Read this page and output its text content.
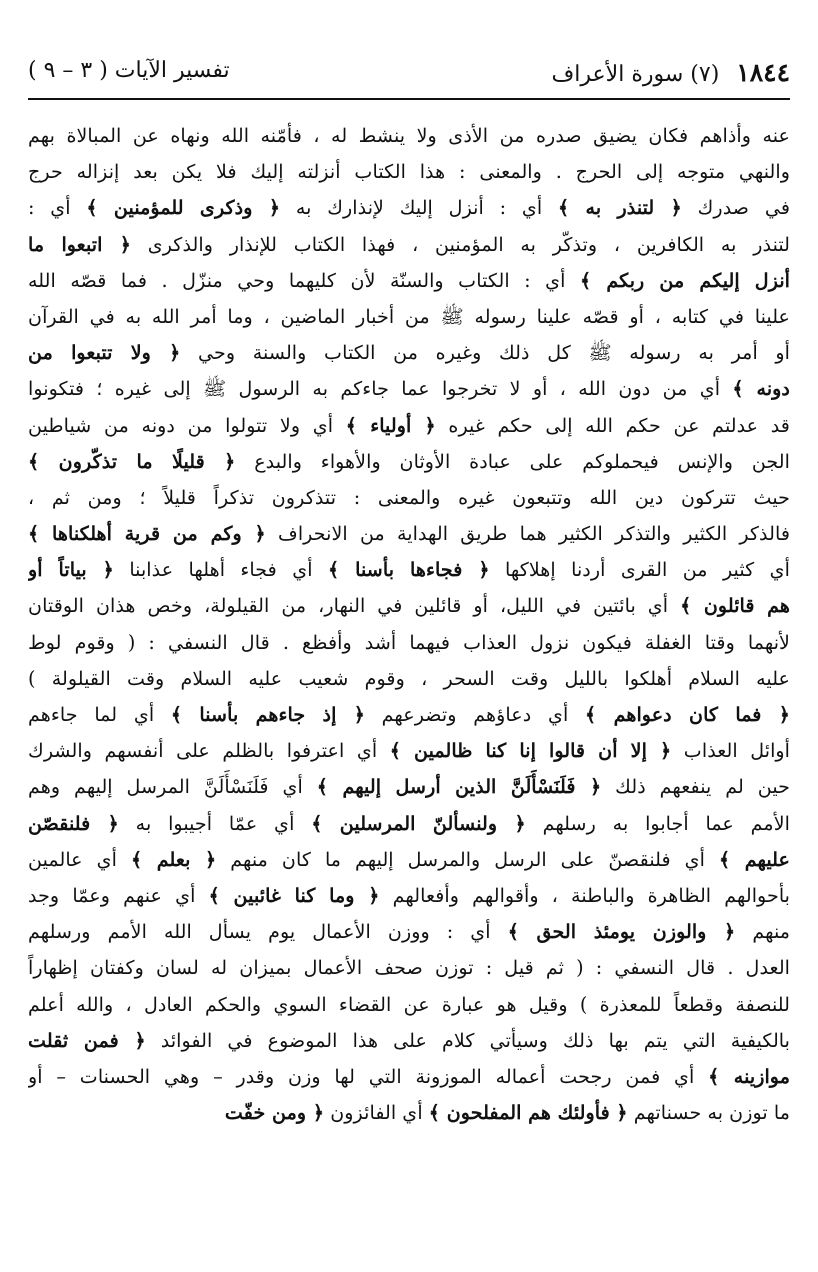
١٨٤٤ (٧) سورة الأعراف
تفسير الآيات ( ٣ – ٩ )
عنه وأذاهم فكان يضيق صدره من الأذى ولا ينشط له ، فأمّنه الله ونهاه عن المبالاة بهم
والنهي متوجه إلى الحرج . والمعنى : هذا الكتاب أنزلته إليك فلا يكن بعد إنزاله حرج
في صدرك ﴿ لتنذر به ﴾ أي : أنزل إليك لإنذارك به ﴿ وذكرى للمؤمنين ﴾ أي :
لتنذر به الكافرين ، وتذكّر به المؤمنين ، فهذا الكتاب للإنذار والذكرى ﴿ اتبعوا ما
أنزل إليكم من ربكم ﴾ أي : الكتاب والسنّة لأن كليهما وحي منزّل . فما قصّه الله
علينا في كتابه ، أو قصّه علينا رسوله ﷺ من أخبار الماضين ، وما أمر الله به في القرآن
أو أمر به رسوله ﷺ كل ذلك وغيره من الكتاب والسنة وحي ﴿ ولا تتبعوا من
دونه ﴾ أي من دون الله ، أو لا تخرجوا عما جاءكم به الرسول ﷺ إلى غيره ؛ فتكونوا
قد عدلتم عن حكم الله إلى حكم غيره ﴿ أولياء ﴾ أي ولا تتولوا من دونه من شياطين
الجن والإنس فيحملوكم على عبادة الأوثان والأهواء والبدع ﴿ قليلًا ما تذكّرون ﴾
حيث تتركون دين الله وتتبعون غيره والمعنى : تتذكرون تذكراً قليلاً ؛ ومن ثم ،
فالذكر الكثير والتذكر الكثير هما طريق الهداية من الانحراف ﴿ وكم من قرية أهلكناها ﴾
أي كثير من القرى أردنا إهلاكها ﴿ فجاءها بأسنا ﴾ أي فجاء أهلها عذابنا ﴿ بياتاً أو
هم قائلون ﴾ أي بائتين في الليل، أو قائلين في النهار، من القيلولة، وخص هذان الوقتان
لأنهما وقتا الغفلة فيكون نزول العذاب فيهما أشد وأفظع . قال النسفي : ( وقوم لوط
عليه السلام أهلكوا بالليل وقت السحر ، وقوم شعيب عليه السلام وقت القيلولة )
﴿ فما كان دعواهم ﴾ أي دعاؤهم وتضرعهم ﴿ إذ جاءهم بأسنا ﴾ أي لما جاءهم
أوائل العذاب ﴿ إلا أن قالوا إنا كنا ظالمين ﴾ أي اعترفوا بالظلم على أنفسهم والشرك
حين لم ينفعهم ذلك ﴿ فَلَنَسْأَلَنَّ الذين أرسل إليهم ﴾ أي فَلَنَسْأَلَنَّ المرسل إليهم وهم
الأمم عما أجابوا به رسلهم ﴿ ولنسألنّ المرسلين ﴾ أي عمّا أجيبوا به ﴿ فلنقصّن
عليهم ﴾ أي فلنقصنّ على الرسل والمرسل إليهم ما كان منهم ﴿ بعلم ﴾ أي عالمين
بأحوالهم الظاهرة والباطنة ، وأقوالهم وأفعالهم ﴿ وما كنا غائبين ﴾ أي عنهم وعمّا وجد
منهم ﴿ والوزن يومئذ الحق ﴾ أي : ووزن الأعمال يوم يسأل الله الأمم ورسلهم
العدل . قال النسفي : ( ثم قيل : توزن صحف الأعمال بميزان له لسان وكفتان إظهاراً
للنصفة وقطعاً للمعذرة ) وقيل هو عبارة عن القضاء السوي والحكم العادل ، والله أعلم
بالكيفية التي يتم بها ذلك وسيأتي كلام على هذا الموضوع في الفوائد ﴿ فمن ثقلت
موازينه ﴾ أي فمن رجحت أعماله الموزونة التي لها وزن وقدر – وهي الحسنات – أو
ما توزن به حسناتهم ﴿ فأولئك هم المفلحون ﴾ أي الفائزون ﴿ ومن خفّت
